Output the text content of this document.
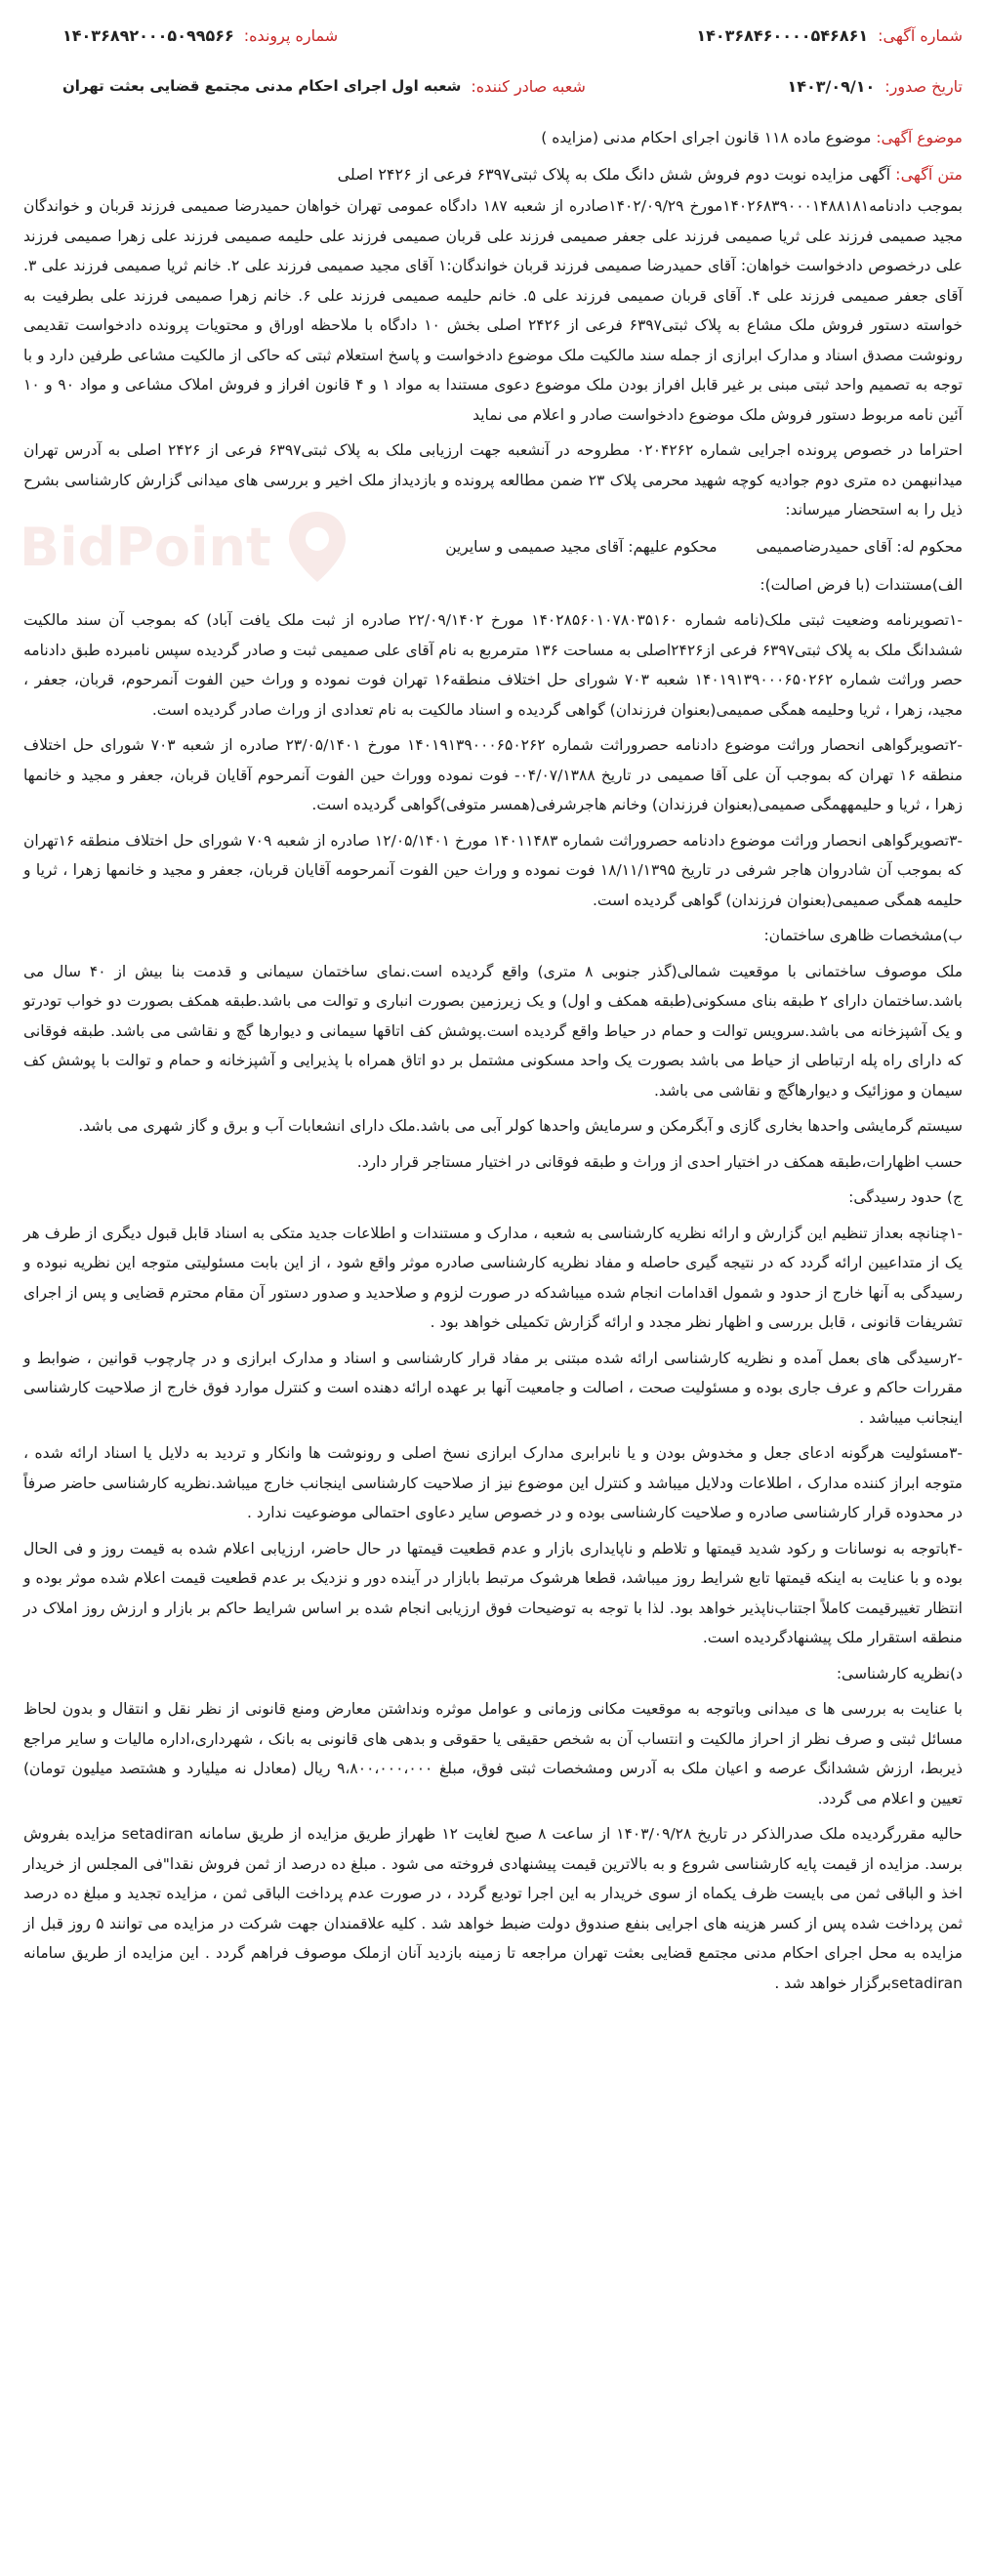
BidPoint
شماره آگهی:
۱۴۰۳۶۸۴۶۰۰۰۰۵۴۶۸۶۱
شماره پرونده:
۱۴۰۳۶۸۹۲۰۰۰۵۰۹۹۵۶۶
تاریخ صدور:
۱۴۰۳/۰۹/۱۰
شعبه صادر کننده:
شعبه اول اجرای احکام مدنی مجتمع قضایی بعثت تهران
موضوع آگهی: موضوع ماده ۱۱۸ قانون اجرای احکام مدنی (مزایده )
متن آگهی: آگهی مزایده نوبت دوم فروش شش دانگ ملک به پلاک ثبتی۶۳۹۷ فرعی از ۲۴۲۶ اصلی

بموجب دادنامه۱۴۰۲۶۸۳۹۰۰۰۱۴۸۸۱۸۱مورخ ۱۴۰۲/۰۹/۲۹صادره از شعبه ۱۸۷ دادگاه عمومی تهران خواهان حمیدرضا صمیمی فرزند قربان و خواندگان مجید صمیمی فرزند علی ثریا صمیمی فرزند علی جعفر صمیمی فرزند علی قربان صمیمی فرزند علی حلیمه صمیمی فرزند علی زهرا صمیمی فرزند علی درخصوص دادخواست خواهان: آقای حمیدرضا صمیمی فرزند قربان خواندگان:۱ آقای مجید صمیمی فرزند علی ۲. خانم ثریا صمیمی فرزند علی ۳. آقای جعفر صمیمی فرزند علی ۴. آقای قربان صمیمی فرزند علی ۵. خانم حلیمه صمیمی فرزند علی ۶. خانم زهرا صمیمی فرزند علی بطرفیت به خواسته دستور فروش ملک مشاع به پلاک ثبتی۶۳۹۷ فرعی از ۲۴۲۶ اصلی بخش ۱۰ دادگاه با ملاحظه اوراق و محتویات پرونده دادخواست تقدیمی رونوشت مصدق اسناد و مدارک ابرازی از جمله سند مالکیت ملک موضوع دادخواست و پاسخ استعلام ثبتی که حاکی از مالکیت مشاعی طرفین دارد و با توجه به تصمیم واحد ثبتی مبنی بر غیر قابل افراز بودن ملک موضوع دعوی مستندا به مواد ۱ و ۴ قانون افراز و فروش املاک مشاعی و مواد ۹۰ و ۱۰ آئین نامه مربوط دستور فروش ملک موضوع دادخواست صادر و اعلام می نماید

احتراما در خصوص پرونده اجرایی شماره ۰۲۰۴۲۶۲ مطروحه در آنشعبه جهت ارزیابی ملک به پلاک ثبتی۶۳۹۷ فرعی از ۲۴۲۶ اصلی به آدرس تهران میدانبهمن ده متری دوم جوادیه کوچه شهید محرمی پلاک ۲۳ ضمن مطالعه پرونده و بازدیداز ملک اخیر و بررسی های میدانی گزارش کارشناسی بشرح ذیل را به استحضار میرساند:

محکوم له: آقای حمیدرضاصمیمی
محکوم علیهم: آقای مجید صمیمی و سایرین
الف)مستندات (با فرض اصالت):

-۱تصویرنامه وضعیت ثبتی ملک(نامه شماره ۱۴۰۲۸۵۶۰۱۰۷۸۰۳۵۱۶۰ مورخ ۲۲/۰۹/۱۴۰۲ صادره از ثبت ملک یافت آباد) که بموجب آن سند مالکیت ششدانگ ملک به پلاک ثبتی۶۳۹۷ فرعی از۲۴۲۶اصلی به مساحت ۱۳۶ مترمربع به نام آقای علی صمیمی ثبت و صادر گردیده سپس نامبرده طبق دادنامه حصر وراثت شماره ۱۴۰۱۹۱۳۹۰۰۰۶۵۰۲۶۲ شعبه ۷۰۳ شورای حل اختلاف منطقه۱۶ تهران فوت نموده و وراث حین الفوت آنمرحوم، قربان، جعفر ، مجید، زهرا ، ثریا وحلیمه همگی صمیمی(بعنوان فرزندان) گواهی گردیده و اسناد مالکیت به نام تعدادی از وراث صادر گردیده است.

-۲تصویرگواهی انحصار وراثت موضوع دادنامه حصروراثت شماره ۱۴۰۱۹۱۳۹۰۰۰۶۵۰۲۶۲ مورخ ۲۳/۰۵/۱۴۰۱ صادره از شعبه ۷۰۳ شورای حل اختلاف منطقه ۱۶ تهران که بموجب آن علی آقا صمیمی در تاریخ ۰۴/۰۷/۱۳۸۸- فوت نموده ووراث حین الفوت آنمرحوم آقایان قربان، جعفر و مجید و خانمها زهرا ، ثریا و حلیمههمگی صمیمی(بعنوان فرزندان) وخانم هاجرشرفی(همسر متوفی)گواهی گردیده است.

-۳تصویرگواهی انحصار وراثت موضوع دادنامه حصروراثت شماره ۱۴۰۱۱۴۸۳ مورخ ۱۲/۰۵/۱۴۰۱ صادره از شعبه ۷۰۹ شورای حل اختلاف منطقه ۱۶تهران که بموجب آن شادروان هاجر شرفی در تاریخ ۱۸/۱۱/۱۳۹۵ فوت نموده و وراث حین الفوت آنمرحومه آقایان قربان، جعفر و مجید و خانمها زهرا ، ثریا و حلیمه همگی صمیمی(بعنوان فرزندان) گواهی گردیده است.

ب)مشخصات ظاهری ساختمان:

ملک موصوف ساختمانی با موقعیت شمالی(گذر جنوبی ۸ متری) واقع گردیده است.نمای ساختمان سیمانی و قدمت بنا بیش از ۴۰ سال می باشد.ساختمان دارای ۲ طبقه بنای مسکونی(طبقه همکف و اول) و یک زیرزمین بصورت انباری و توالت می باشد.طبقه همکف بصورت دو خواب تودرتو و یک آشپزخانه می باشد.سرویس توالت و حمام در حیاط واقع گردیده است.پوشش کف اتاقها سیمانی و دیوارها گچ و نقاشی می باشد. طبقه فوقانی که دارای راه پله ارتباطی از حیاط می باشد بصورت یک واحد مسکونی مشتمل بر دو اتاق همراه با پذیرایی و آشپزخانه و حمام و توالت با پوشش کف سیمان و موزائیک و دیوارهاگچ و نقاشی می باشد.

سیستم گرمایشی واحدها بخاری گازی و آبگرمکن و سرمایش واحدها کولر آبی می باشد.ملک دارای انشعابات آب و برق و گاز شهری می باشد.

حسب اظهارات،طبقه همکف در اختیار احدی از وراث و طبقه فوقانی در اختیار مستاجر قرار دارد.

ج) حدود رسیدگی:

-۱چنانچه بعداز تنظیم این گزارش و ارائه نظریه کارشناسی به شعبه ، مدارک و مستندات و اطلاعات جدید متکی به اسناد قابل قبول دیگری از طرف هر یک از متداعیین ارائه گردد که در نتیجه گیری حاصله و مفاد نظریه کارشناسی صادره موثر واقع شود ، از این بابت مسئولیتی متوجه این نظریه نبوده و رسیدگی به آنها خارج از حدود و شمول اقدامات انجام شده میباشدکه در صورت لزوم و صلاحدید و صدور دستور آن مقام محترم قضایی و پس از اجرای تشریفات قانونی ، قابل بررسی و اظهار نظر مجدد و ارائه گزارش تکمیلی خواهد بود .

-۲رسیدگی های بعمل آمده و نظریه کارشناسی ارائه شده مبتنی بر مفاد قرار کارشناسی و اسناد و مدارک ابرازی و در چارچوب قوانین ، ضوابط و مقررات حاکم و عرف جاری بوده و مسئولیت صحت ، اصالت و جامعیت آنها بر عهده ارائه دهنده است و کنترل موارد فوق خارج از صلاحیت کارشناسی اینجانب میباشد .

-۳مسئولیت هرگونه ادعای جعل و مخدوش بودن و یا نابرابری مدارک ابرازی نسخ اصلی و رونوشت ها وانکار و تردید به دلایل یا اسناد ارائه شده ، متوجه ابراز کننده مدارک ، اطلاعات ودلایل میباشد و کنترل این موضوع نیز از صلاحیت کارشناسی اینجانب خارج میباشد.نظریه کارشناسی حاضر صرفاً در محدوده قرار کارشناسی صادره و صلاحیت کارشناسی بوده و در خصوص سایر دعاوی احتمالی موضوعیت ندارد .

-۴باتوجه به نوسانات و رکود شدید قیمتها و تلاطم و ناپایداری بازار و عدم قطعیت قیمتها در حال حاضر، ارزیابی اعلام شده به قیمت روز و فی الحال بوده و با عنایت به اینکه قیمتها تابع شرایط روز میباشد، قطعا هرشوک مرتبط بابازار در آینده دور و نزدیک بر عدم قطعیت قیمت اعلام شده موثر بوده و انتظار تغییرقیمت کاملاً اجتناب‌ناپذیر خواهد بود. لذا با توجه به توضیحات فوق ارزیابی انجام شده بر اساس شرایط حاکم بر بازار و ارزش روز املاک در منطقه استقرار ملک پیشنهادگردیده است.

د)نظریه کارشناسی:

با عنایت به بررسی ها ی میدانی وباتوجه به موقعیت مکانی وزمانی و عوامل موثره ونداشتن معارض ومنع قانونی از نظر نقل و انتقال و بدون لحاظ مسائل ثبتی و صرف نظر از احراز مالکیت و انتساب آن به شخص حقیقی یا حقوقی و بدهی های قانونی به بانک ، شهرداری،اداره مالیات و سایر مراجع ذیربط، ارزش ششدانگ عرصه و اعیان ملک به آدرس ومشخصات ثبتی فوق، مبلغ ۹،۸۰۰،۰۰۰،۰۰۰ ریال (معادل نه میلیارد و هشتصد میلیون تومان) تعیین و اعلام می گردد.

حالیه مقررگردیده ملک صدرالذکر در تاریخ ۱۴۰۳/۰۹/۲۸ از ساعت ۸ صبح لغایت ۱۲ ظهراز طریق مزایده از طریق سامانه setadiran مزایده بفروش برسد. مزایده از قیمت پایه کارشناسی شروع و به بالاترین قیمت پیشنهادی فروخته می شود . مبلغ ده درصد از ثمن فروش نقدا"فی المجلس از خریدار اخذ و الباقی ثمن می بایست ظرف یکماه از سوی خریدار به این اجرا تودیع گردد ، در صورت عدم پرداخت الباقی ثمن ، مزایده تجدید و مبلغ ده درصد ثمن پرداخت شده پس از کسر هزینه های اجرایی بنفع صندوق دولت ضبط خواهد شد . کلیه علاقمندان جهت شرکت در مزایده می توانند ۵ روز قبل از مزایده به محل اجرای احکام مدنی مجتمع قضایی بعثت تهران مراجعه تا زمینه بازدید آنان ازملک موصوف فراهم گردد . این مزایده از طریق سامانه setadiranبرگزار خواهد شد .
